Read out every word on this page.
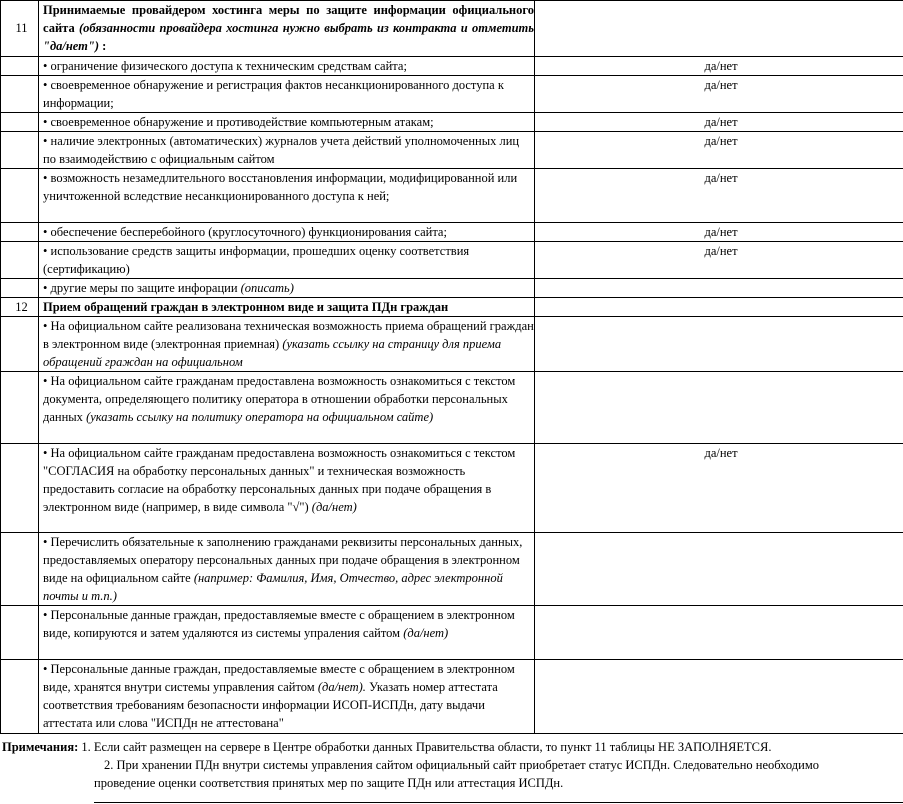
11	Принимаемые провайдером хостинга меры по защите информации официального сайта (обязанности провайдера хостинга нужно выбрать из контракта и отметить "да/нет") :	
	• ограничение физического доступа к техническим средствам сайта;	да/нет
	• своевременное обнаружение и регистрация фактов несанкционированного доступа к информации;	да/нет
	• своевременное обнаружение и противодействие компьютерным атакам;	да/нет
	• наличие электронных (автоматических) журналов учета действий уполномоченных лиц по взаимодействию с официальным сайтом	да/нет
	• возможность незамедлительного восстановления информации, модифицированной или уничтоженной вследствие несанкционированного доступа к ней;	да/нет
	• обеспечение бесперебойного (круглосуточного) функционирования сайта;	да/нет
	• использование средств защиты информации, прошедших оценку соответствия (сертификацию)	да/нет
	• другие меры по защите инфорации (описать)	
12	Прием обращений граждан в электронном виде и защита ПДн граждан	
	• На официальном сайте реализована техническая возможность приема обращений граждан в электронном виде (электронная приемная) (указать ссылку на страницу для приема обращений граждан на официальном	
	• На официальном сайте гражданам предоставлена возможность ознакомиться с текстом документа, определяющего политику оператора в отношении обработки персональных данных (указать ссылку на политику оператора на официальном сайте)	
	• На официальном сайте гражданам предоставлена возможность ознакомиться с текстом "СОГЛАСИЯ на обработку персональных данных" и техническая возможность предоставить согласие на обработку персональных данных при подаче обращения в электронном виде (например, в виде символа "√") (да/нет)	да/нет
	• Перечислить обязательные к заполнению гражданами реквизиты персональных данных, предоставляемых оператору персональных данных при подаче обращения в электронном виде на официальном сайте (например: Фамилия, Имя, Отчество, адрес электронной почты и т.п.)	
	• Персональные данные граждан, предоставляемые вместе с обращением в электронном виде, копируются и затем удаляются из системы упраления сайтом (да/нет)	
	• Персональные данные граждан, предоставляемые вместе с обращением в электронном виде, хранятся внутри системы управления сайтом (да/нет). Указать номер аттестата соответствия требованиям безопасности информации ИСОП-ИСПДн, дату выдачи аттестата или слова "ИСПДн не аттестована"	
Примечания: 1. Если сайт размещен на сервере в Центре обработки данных Правительства области, то пункт 11 таблицы НЕ ЗАПОЛНЯЕТСЯ.
2. При хранении ПДн внутри системы управления сайтом официальный сайт приобретает статус ИСПДн. Следовательно необходимо
проведение оценки соответствия принятых мер по защите ПДн или аттестация ИСПДн.
